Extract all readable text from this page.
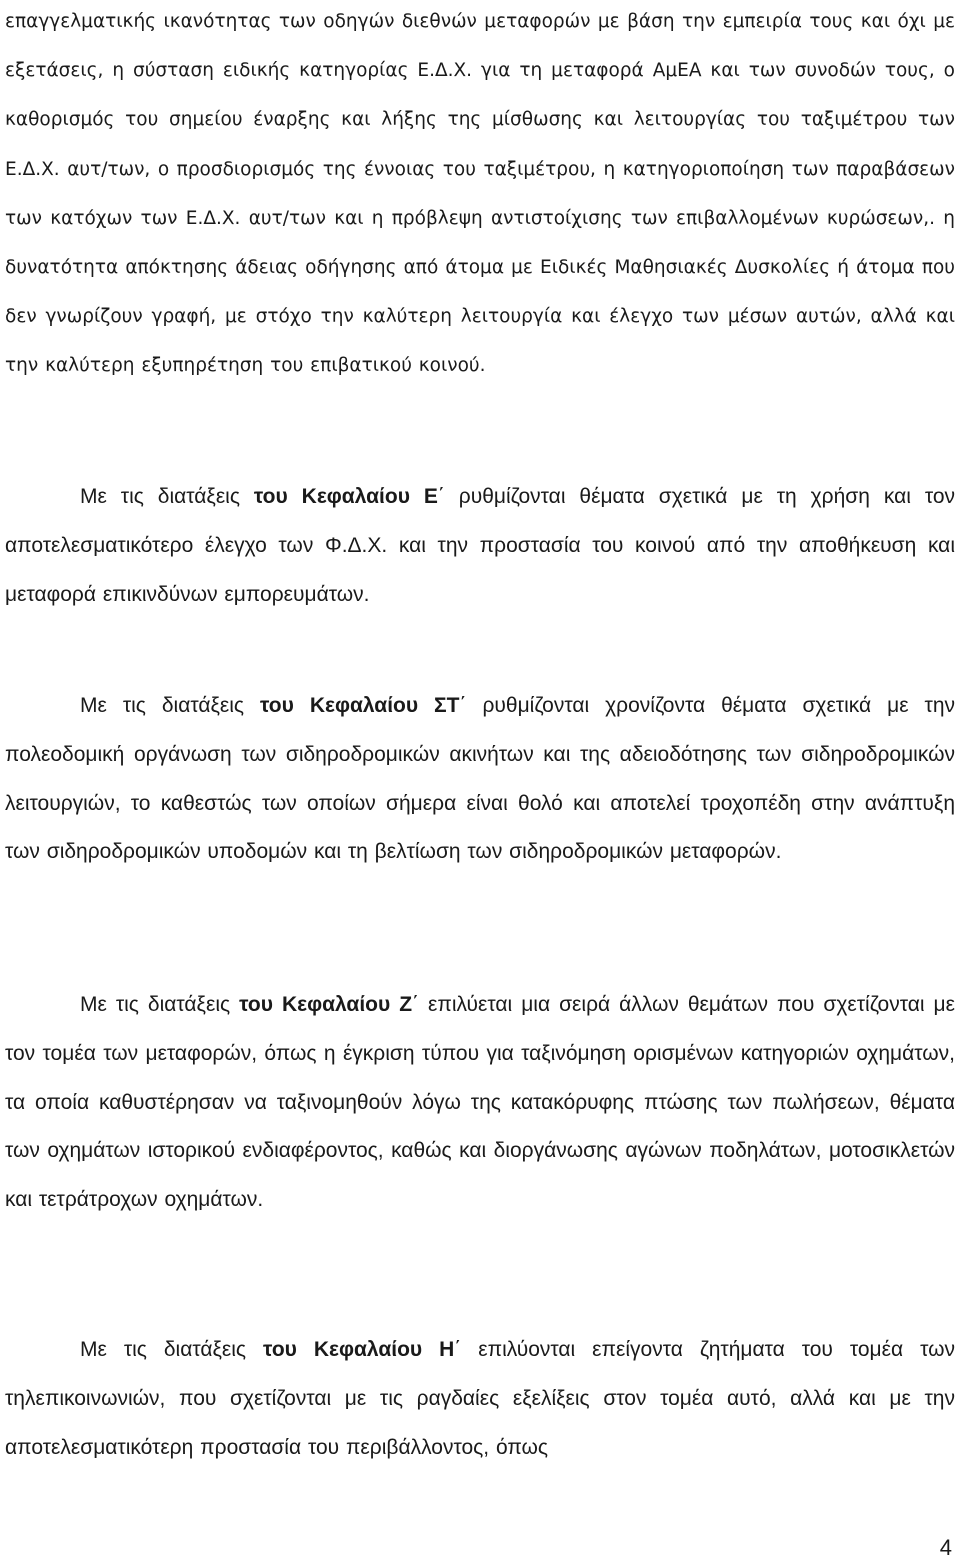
επαγγελματικής ικανότητας των οδηγών διεθνών μεταφορών με βάση την εμπειρία τους και όχι με εξετάσεις, η σύσταση ειδικής κατηγορίας Ε.Δ.Χ. για τη μεταφορά ΑμΕΑ και των συνοδών τους, ο καθορισμός του σημείου έναρξης και λήξης της μίσθωσης και λειτουργίας του ταξιμέτρου των Ε.Δ.Χ. αυτ/των, ο προσδιορισμός της έννοιας του ταξιμέτρου, η κατηγοριοποίηση των παραβάσεων των κατόχων των Ε.Δ.Χ. αυτ/των και η πρόβλεψη αντιστοίχισης των επιβαλλομένων κυρώσεων,. η δυνατότητα απόκτησης άδειας οδήγησης από άτομα με Ειδικές Μαθησιακές Δυσκολίες ή άτομα που δεν γνωρίζουν γραφή, με στόχο την καλύτερη λειτουργία και έλεγχο των μέσων αυτών, αλλά και την καλύτερη εξυπηρέτηση του επιβατικού κοινού.

Με τις διατάξεις του Κεφαλαίου Ε΄ ρυθμίζονται θέματα σχετικά με τη χρήση και τον αποτελεσματικότερο έλεγχο των Φ.Δ.Χ. και την προστασία του κοινού από την αποθήκευση και μεταφορά επικινδύνων εμπορευμάτων.

Με τις διατάξεις του Κεφαλαίου ΣΤ΄ ρυθμίζονται χρονίζοντα θέματα σχετικά με την πολεοδομική οργάνωση των σιδηροδρομικών ακινήτων και της αδειοδότησης των σιδηροδρομικών λειτουργιών, το καθεστώς των οποίων σήμερα είναι θολό και αποτελεί τροχοπέδη στην ανάπτυξη των σιδηροδρομικών υποδομών και τη βελτίωση των σιδηροδρομικών μεταφορών.

Με τις διατάξεις του Κεφαλαίου Ζ΄ επιλύεται μια σειρά άλλων θεμάτων που σχετίζονται με τον τομέα των μεταφορών, όπως η έγκριση τύπου για ταξινόμηση ορισμένων κατηγοριών οχημάτων, τα οποία καθυστέρησαν να ταξινομηθούν λόγω της κατακόρυφης πτώσης των πωλήσεων, θέματα των οχημάτων ιστορικού ενδιαφέροντος, καθώς και διοργάνωσης αγώνων ποδηλάτων, μοτοσικλετών και τετράτροχων οχημάτων.

Με τις διατάξεις του Κεφαλαίου Η΄ επιλύονται επείγοντα ζητήματα του τομέα των τηλεπικοινωνιών, που σχετίζονται με τις ραγδαίες εξελίξεις στον τομέα αυτό, αλλά και με την αποτελεσματικότερη προστασία του περιβάλλοντος, όπως

4
